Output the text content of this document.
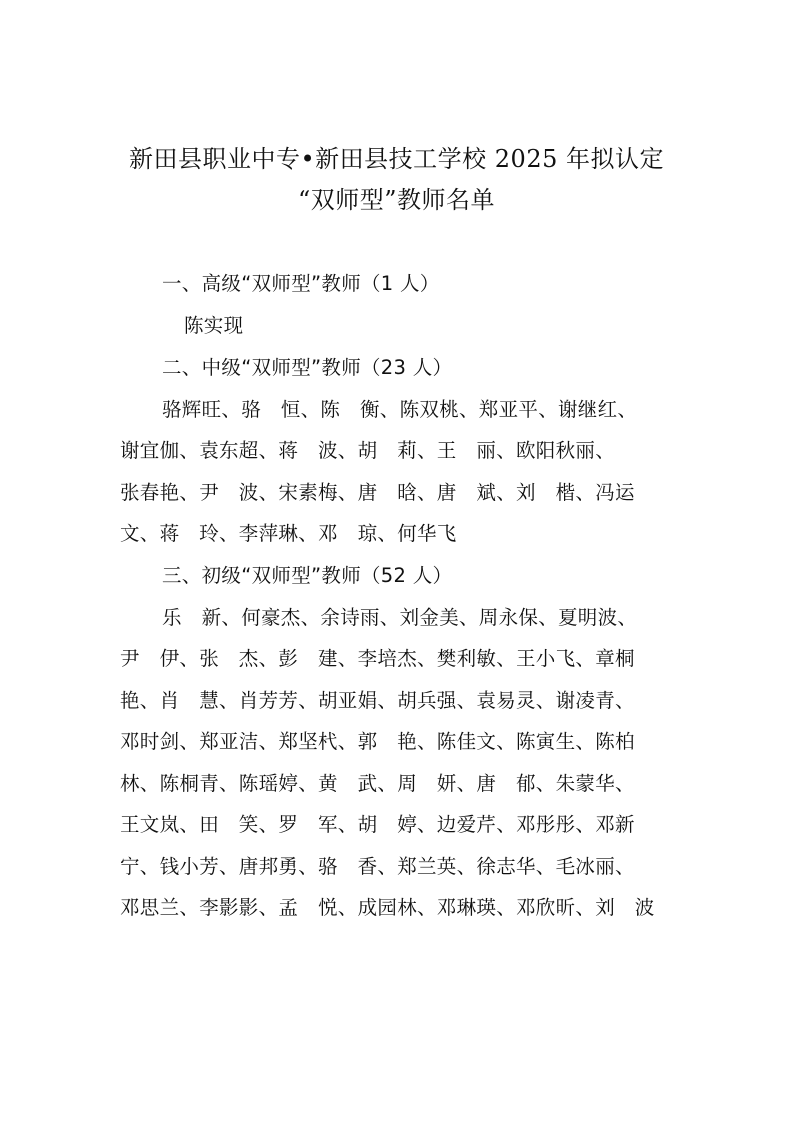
新田县职业中专•新田县技工学校 2025 年拟认定
“双师型”教师名单
一、高级“双师型”教师（1 人）
陈实现
二、中级“双师型”教师（23 人）
骆辉旺、骆　恒、陈　衡、陈双桃、郑亚平、谢继红、
谢宜伽、袁东超、蒋　波、胡　莉、王　丽、欧阳秋丽、
张春艳、尹　波、宋素梅、唐　晗、唐　斌、刘　楷、冯运
文、蒋　玲、李萍琳、邓　琼、何华飞
三、初级“双师型”教师（52 人）
乐　新、何豪杰、余诗雨、刘金美、周永保、夏明波、
尹　伊、张　杰、彭　建、李培杰、樊利敏、王小飞、章桐
艳、肖　慧、肖芳芳、胡亚娟、胡兵强、袁易灵、谢凌青、
邓时剑、郑亚洁、郑坚杙、郭　艳、陈佳文、陈寅生、陈柏
林、陈桐青、陈瑶婷、黄　武、周　妍、唐　郁、朱蒙华、
王文岚、田　笑、罗　军、胡　婷、边爱芹、邓彤彤、邓新
宁、钱小芳、唐邦勇、骆　香、郑兰英、徐志华、毛冰丽、
邓思兰、李影影、孟　悦、成园林、邓琳瑛、邓欣昕、刘　波
